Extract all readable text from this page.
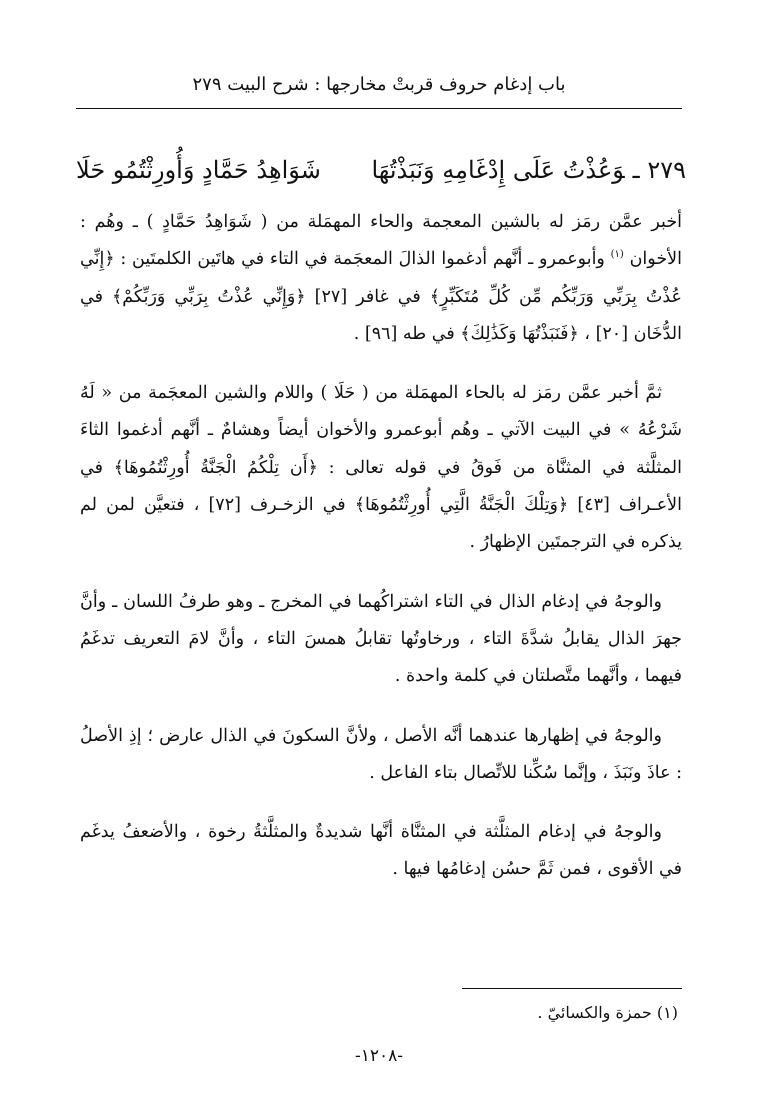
باب إدغام حروف قربتْ مخارجها : شرح البيت ٢٧٩
٢٧٩ ـوَعُذْتُ عَلَى إِدْغَامِهِ وَنَبَذْتُهَا
شَوَاهِدُ حَمَّادٍ وَأُورِثْتُمُو حَلَا

أخبر عمَّن رمَز له بالشين المعجمة والحاء المهمَلة من ( شَوَاهِدُ حَمَّادٍ ) ـ وهُم : الأخوان $^{(١)}$ وأبوعمرو ـ أنَّهم أدغموا الذالَ المعجَمة في التاء في هاتَين الكلمتَين : ﴿إِنِّي عُذْتُ بِرَبِّي وَرَبِّكُم مِّن كُلِّ مُتَكَبِّرٍ﴾ في غافر [٢٧] ﴿وَإِنِّي عُذْتُ بِرَبِّي وَرَبِّكُمْ﴾ في الدُّخَان [٢٠] ، ﴿فَنَبَذْتُهَا وَكَذَٰلِكَ﴾ في طه [٩٦] .

ثمَّ أخبر عمَّن رمَز له بالحاء المهمَلة من ( حَلَا ) واللام والشين المعجَمة من « لَهُ شَرْعُهُ » في البيت الآتي ـ وهُم أبوعمرو والأخوان أيضاً وهشامٌ ـ أنَّهم أدغموا الثاءَ المثلَّثة في المثنَّاة من فَوقُ في قوله تعالى : ﴿أَن تِلْكُمُ الْجَنَّةُ أُورِثْتُمُوهَا﴾ في الأعـراف [٤٣] ﴿وَتِلْكَ الْجَنَّةُ الَّتِي أُورِثْتُمُوهَا﴾ في الزخـرف [٧٢] ، فتعيَّن لمن لم يذكره في الترجمتَين الإظهارُ .

والوجهُ في إدغام الذال في التاء اشتراكُهما في المخرج ـ وهو طرفُ اللسان ـ وأنَّ جهرَ الذال يقابلُ شدَّةَ التاء ، ورخاوتُها تقابلُ همسَ التاء ، وأنَّ لامَ التعريف تدغَمُ فيهما ، وأنَّهما متَّصلتان في كلمة واحدة .

والوجهُ في إظهارها عندهما أنَّه الأصل ، ولأنَّ السكونَ في الذال عارض ؛ إذِ الأصلُ : عاذَ ونَبَذَ ، وإنَّما سُكِّنا للاتِّصال بتاء الفاعل .

والوجهُ في إدغام المثلَّثة في المثنَّاة أنَّها شديدةٌ والمثلَّثةُ رخوة ، والأضعفُ يدغَم في الأقوى ، فمن ثَمَّ حسُن إدغامُها فيها .

(١) حمزة والكسائيّ .
-١٢٠٨-
